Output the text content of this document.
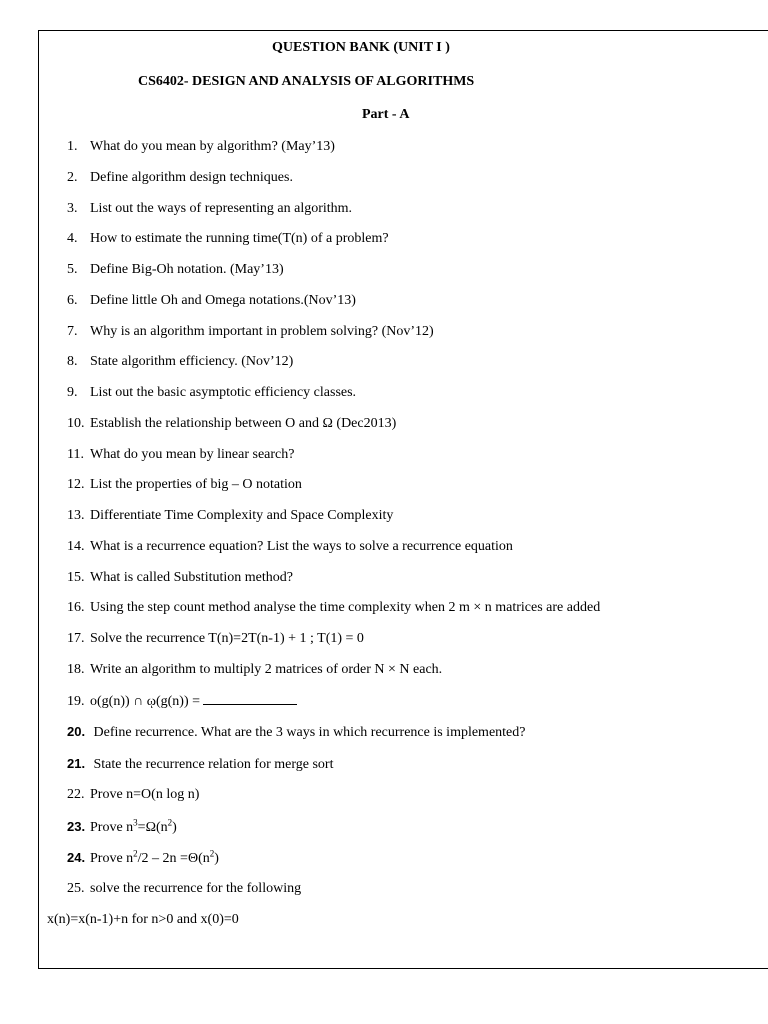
QUESTION BANK (UNIT I )
CS6402- DESIGN AND ANALYSIS OF ALGORITHMS
Part - A
1. What do you mean by algorithm? (May’13)
2. Define algorithm design techniques.
3. List out the ways of representing an algorithm.
4. How to estimate the running time(T(n) of a problem?
5. Define Big-Oh notation. (May’13)
6. Define little Oh and Omega notations.(Nov’13)
7. Why is an algorithm important in problem solving? (Nov’12)
8. State algorithm efficiency. (Nov’12)
9. List out the basic asymptotic efficiency classes.
10. Establish the relationship between O and Ω (Dec2013)
11. What do you mean by linear search?
12. List the properties of big – O notation
13. Differentiate Time Complexity and Space Complexity
14. What is a recurrence equation? List the ways to solve a recurrence equation
15. What is called Substitution method?
16. Using the step count method analyse the time complexity when 2 m × n matrices are added
17. Solve the recurrence T(n)=2T(n-1) + 1 ; T(1) = 0
18. Write an algorithm to multiply 2 matrices of order N × N each.
19. o(g(n)) ∩ ῳ(g(n)) =
20. Define recurrence. What are the 3 ways in which recurrence is implemented?
21. State the recurrence relation for merge sort
22. Prove n=O(n log n)
23. Prove $n^3=\Omega(n^2)$
24. Prove $n^2/2 - 2n =\Theta(n^2)$
25. solve the recurrence for the following
x(n)=x(n-1)+n for n>0 and x(0)=0
